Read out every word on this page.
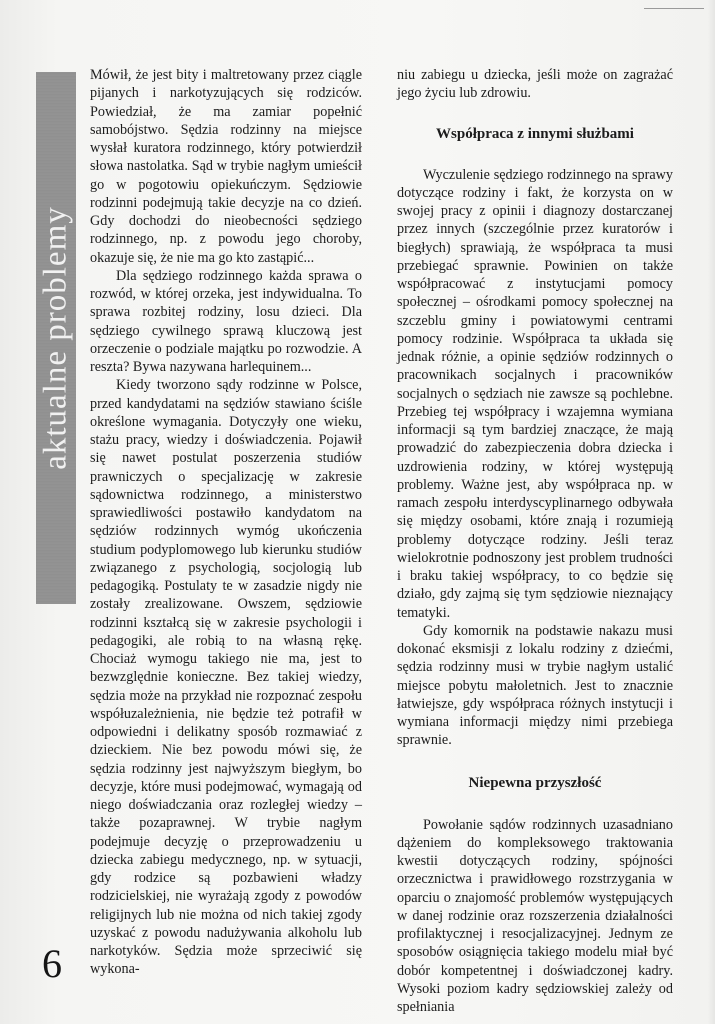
aktualne problemy
6

Mówił, że jest bity i maltretowany przez ciągle pijanych i narkotyzujących się rodziców. Powiedział, że ma zamiar popełnić samobójstwo. Sędzia rodzinny na miejsce wysłał kuratora rodzinnego, który potwierdził słowa nastolatka. Sąd w trybie nagłym umieścił go w pogotowiu opiekuńczym. Sędziowie rodzinni podejmują takie decyzje na co dzień. Gdy dochodzi do nieobecności sędziego rodzinnego, np. z powodu jego choroby, okazuje się, że nie ma go kto zastąpić...

Dla sędziego rodzinnego każda sprawa o rozwód, w której orzeka, jest indywidualna. To sprawa rozbitej rodziny, losu dzieci. Dla sędziego cywilnego sprawą kluczową jest orzeczenie o podziale majątku po rozwodzie. A reszta? Bywa nazywana harlequinem...

Kiedy tworzono sądy rodzinne w Polsce, przed kandydatami na sędziów stawiano ściśle określone wymagania. Dotyczyły one wieku, stażu pracy, wiedzy i doświadczenia. Pojawił się nawet postulat poszerzenia studiów prawniczych o specjalizację w zakresie sądownictwa rodzinnego, a ministerstwo sprawiedliwości postawiło kandydatom na sędziów rodzinnych wymóg ukończenia studium podyplomowego lub kierunku studiów związanego z psychologią, socjologią lub pedagogiką. Postulaty te w zasadzie nigdy nie zostały zrealizowane. Owszem, sędziowie rodzinni kształcą się w zakresie psychologii i pedagogiki, ale robią to na własną rękę. Chociaż wymogu takiego nie ma, jest to bezwzględnie konieczne. Bez takiej wiedzy, sędzia może na przykład nie rozpoznać zespołu współuzależnienia, nie będzie też potrafił w odpowiedni i delikatny sposób rozmawiać z dzieckiem. Nie bez powodu mówi się, że sędzia rodzinny jest najwyższym biegłym, bo decyzje, które musi podejmować, wymagają od niego doświadczania oraz rozległej wiedzy – także pozaprawnej. W trybie nagłym podejmuje decyzję o przeprowadzeniu u dziecka zabiegu medycznego, np. w sytuacji, gdy rodzice są pozbawieni władzy rodzicielskiej, nie wyrażają zgody z powodów religijnych lub nie można od nich takiej zgody uzyskać z powodu nadużywania alkoholu lub narkotyków. Sędzia może sprzeciwić się wykona-

niu zabiegu u dziecka, jeśli może on zagrażać jego życiu lub zdrowiu.

Współpraca z innymi służbami

Wyczulenie sędziego rodzinnego na sprawy dotyczące rodziny i fakt, że korzysta on w swojej pracy z opinii i diagnozy dostarczanej przez innych (szczególnie przez kuratorów i biegłych) sprawiają, że współpraca ta musi przebiegać sprawnie. Powinien on także współpracować z instytucjami pomocy społecznej – ośrodkami pomocy społecznej na szczeblu gminy i powiatowymi centrami pomocy rodzinie. Współpraca ta układa się jednak różnie, a opinie sędziów rodzinnych o pracownikach socjalnych i pracowników socjalnych o sędziach nie zawsze są pochlebne. Przebieg tej współpracy i wzajemna wymiana informacji są tym bardziej znaczące, że mają prowadzić do zabezpieczenia dobra dziecka i uzdrowienia rodziny, w której występują problemy. Ważne jest, aby współpraca np. w ramach zespołu interdyscyplinarnego odbywała się między osobami, które znają i rozumieją problemy dotyczące rodziny. Jeśli teraz wielokrotnie podnoszony jest problem trudności i braku takiej współpracy, to co będzie się działo, gdy zajmą się tym sędziowie nieznający tematyki.

Gdy komornik na podstawie nakazu musi dokonać eksmisji z lokalu rodziny z dziećmi, sędzia rodzinny musi w trybie nagłym ustalić miejsce pobytu małoletnich. Jest to znacznie łatwiejsze, gdy współpraca różnych instytucji i wymiana informacji między nimi przebiega sprawnie.

Niepewna przyszłość

Powołanie sądów rodzinnych uzasadniano dążeniem do kompleksowego traktowania kwestii dotyczących rodziny, spójności orzecznictwa i prawidłowego rozstrzygania w oparciu o znajomość problemów występujących w danej rodzinie oraz rozszerzenia działalności profilaktycznej i resocjalizacyjnej. Jednym ze sposobów osiągnięcia takiego modelu miał być dobór kompetentnej i doświadczonej kadry. Wysoki poziom kadry sędziowskiej zależy od spełniania
